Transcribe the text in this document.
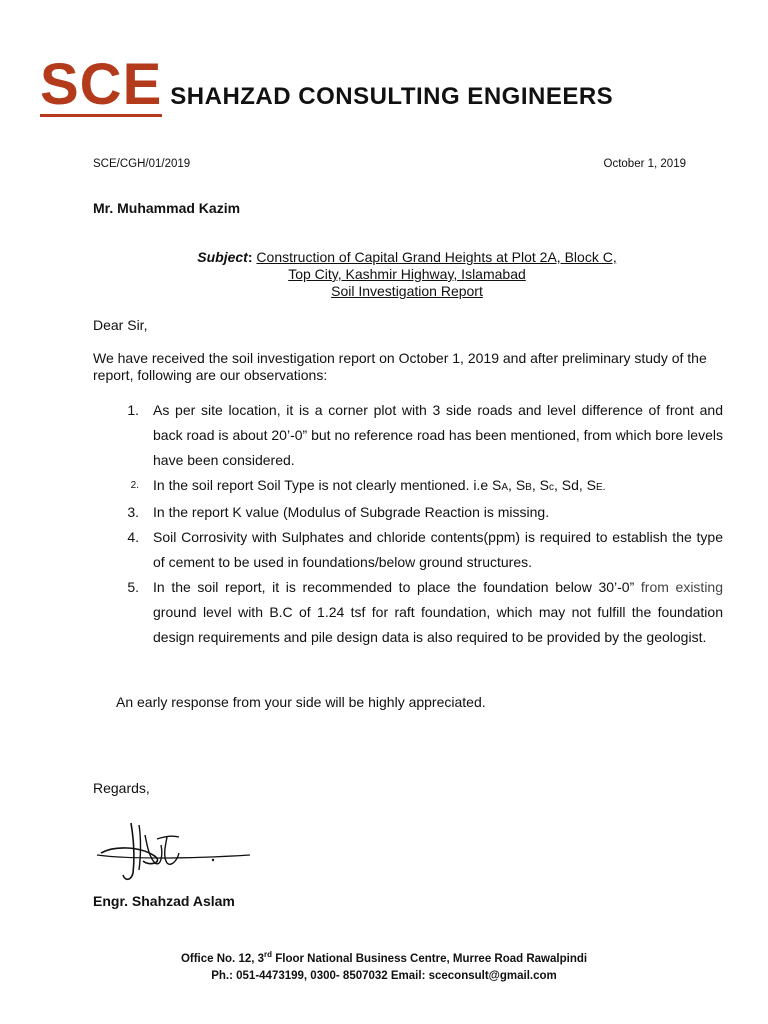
SCE SHAHZAD CONSULTING ENGINEERS
SCE/CGH/01/2019	October 1, 2019
Mr. Muhammad Kazim
Subject: Construction of Capital Grand Heights at Plot 2A, Block C,
Top City, Kashmir Highway, Islamabad
Soil Investigation Report
Dear Sir,
We have received the soil investigation report on October 1, 2019 and after preliminary study of the report, following are our observations:
1. As per site location, it is a corner plot with 3 side roads and level difference of front and back road is about 20’-0” but no reference road has been mentioned, from which bore levels have been considered.
2. In the soil report Soil Type is not clearly mentioned. i.e SA, SB, Sc, Sd, SE.
3. In the report K value (Modulus of Subgrade Reaction is missing.
4. Soil Corrosivity with Sulphates and chloride contents(ppm) is required to establish the type of cement to be used in foundations/below ground structures.
5. In the soil report, it is recommended to place the foundation below 30’-0” from existing ground level with B.C of 1.24 tsf for raft foundation, which may not fulfill the foundation design requirements and pile design data is also required to be provided by the geologist.
An early response from your side will be highly appreciated.
Regards,
Engr. Shahzad Aslam
Office No. 12, 3rd Floor National Business Centre, Murree Road Rawalpindi
Ph.: 051-4473199, 0300- 8507032 Email: sceconsult@gmail.com
